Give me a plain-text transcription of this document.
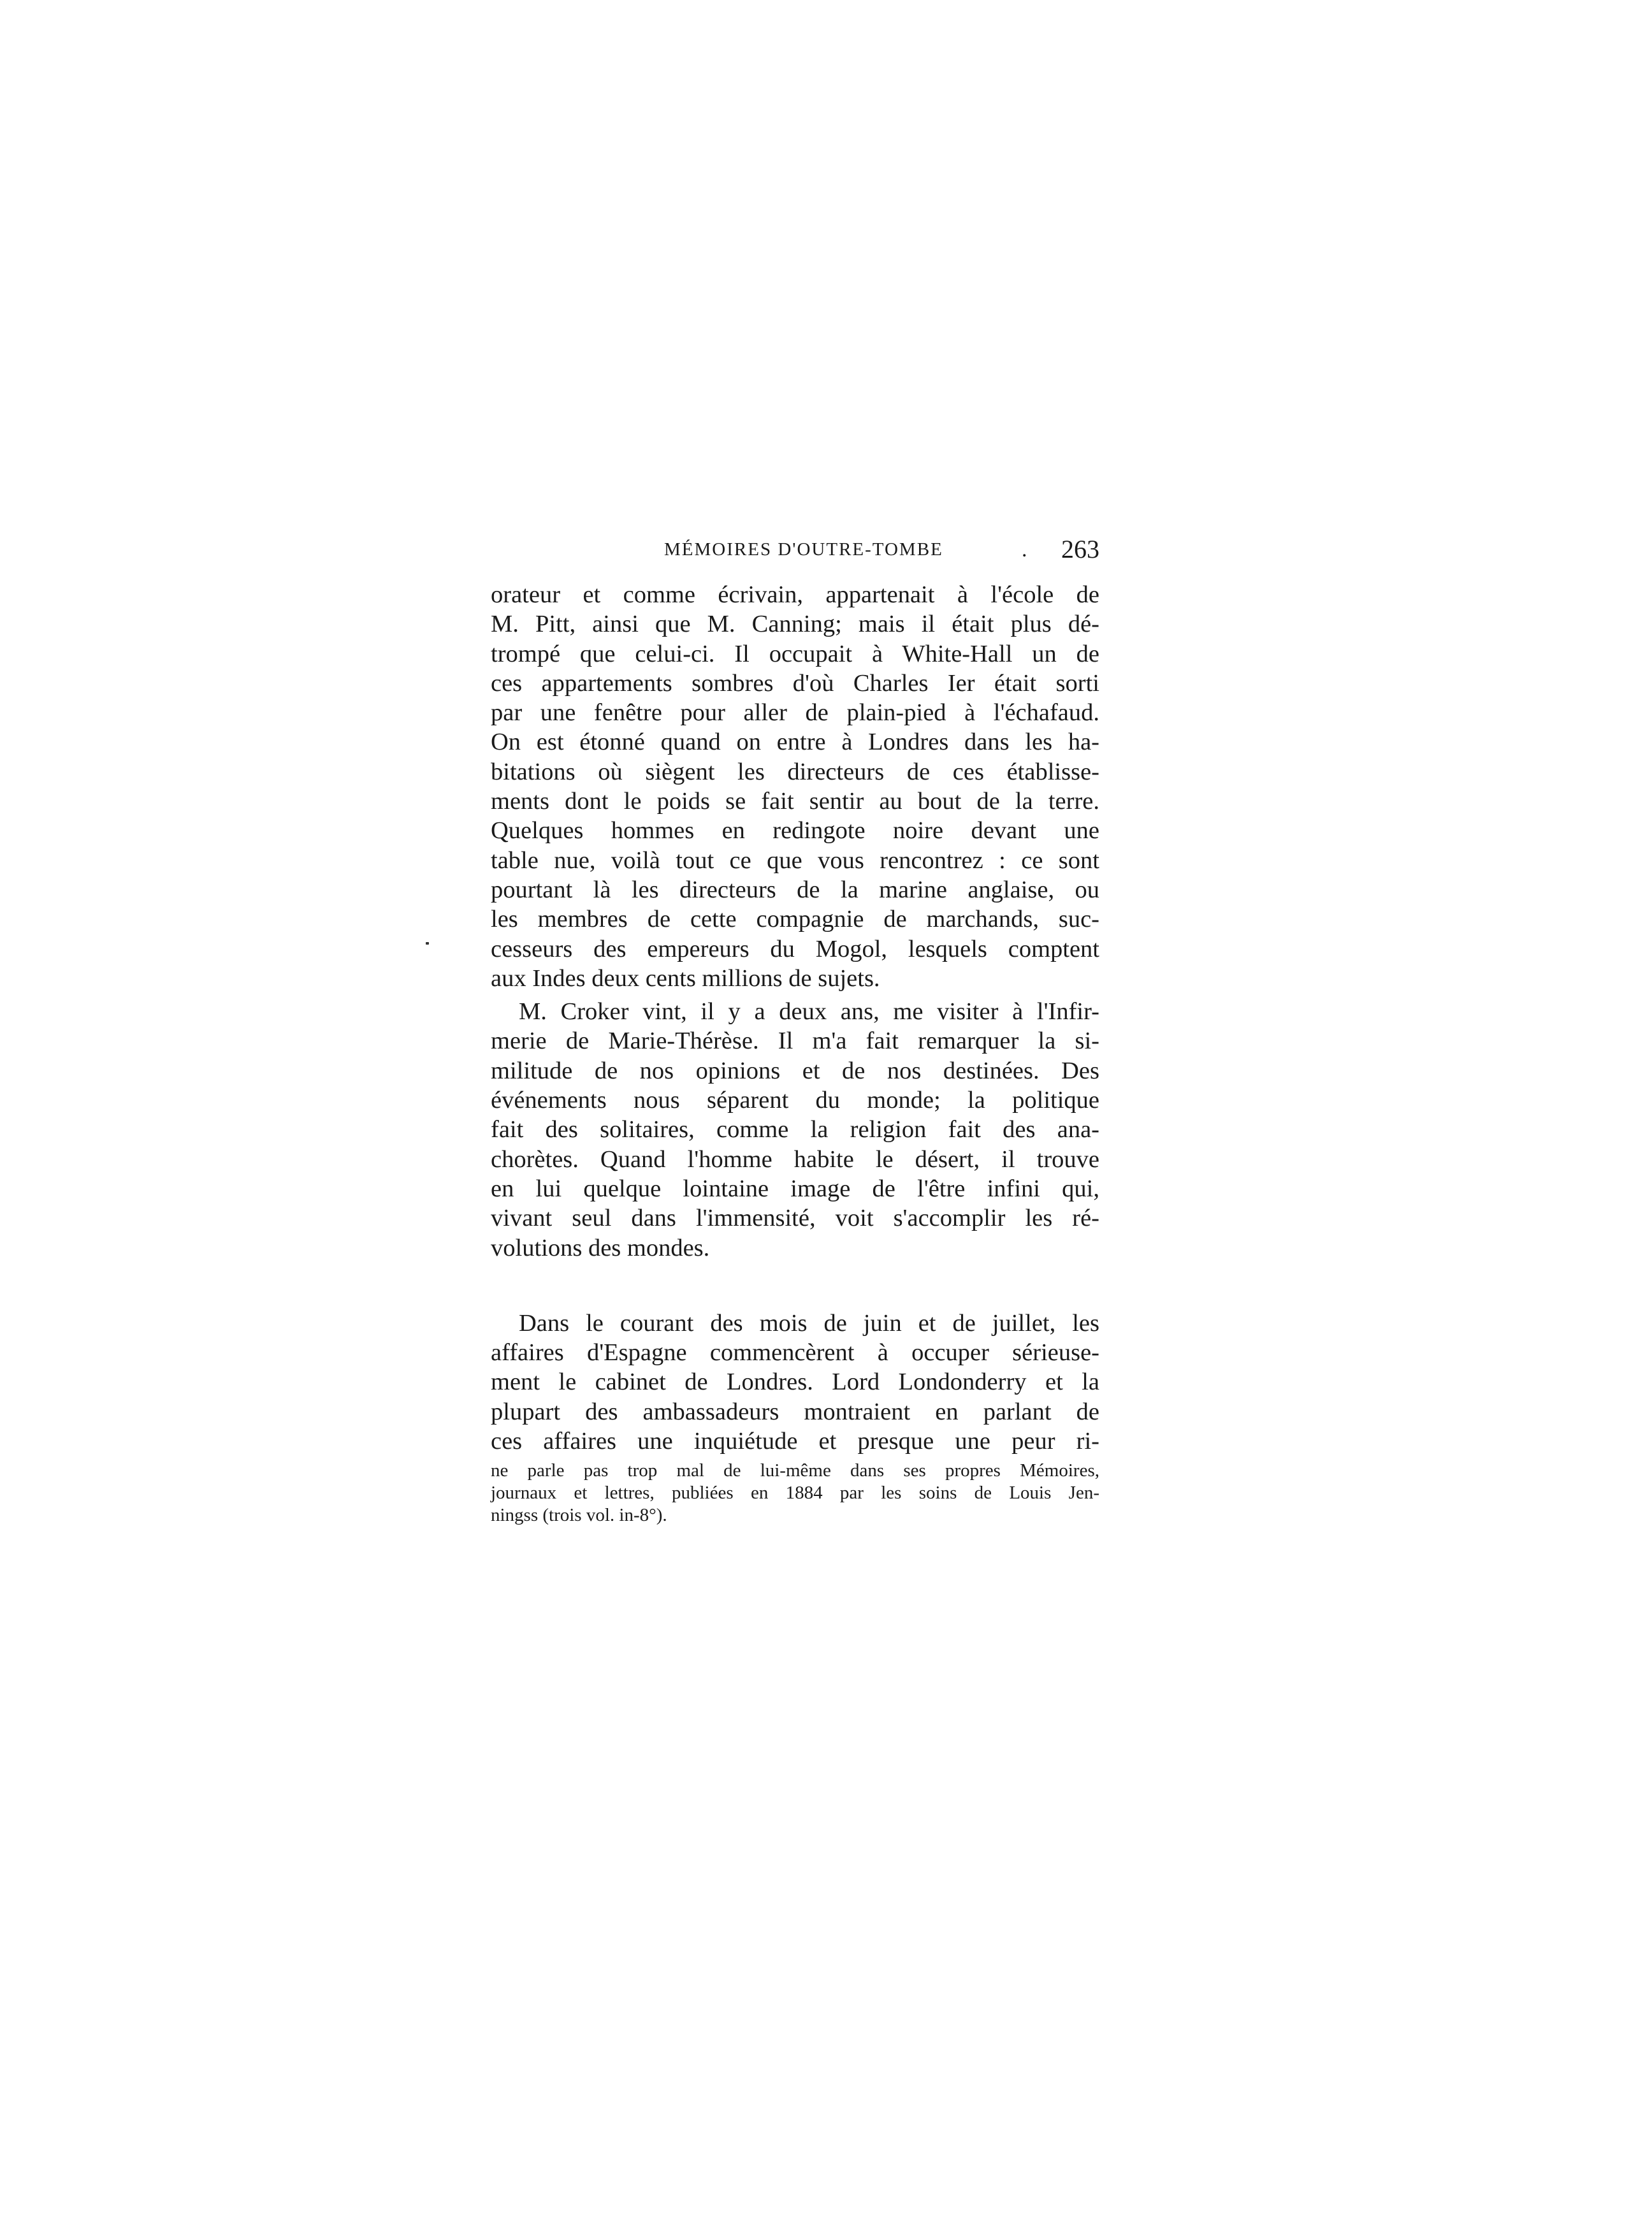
MÉMOIRES D'OUTRE-TOMBE	. 263
orateur et comme écrivain, appartenait à l'école de
M. Pitt, ainsi que M. Canning; mais il était plus dé-
trompé que celui-ci. Il occupait à White-Hall un de
ces appartements sombres d'où Charles Ier était sorti
par une fenêtre pour aller de plain-pied à l'échafaud.
On est étonné quand on entre à Londres dans les ha-
bitations où siègent les directeurs de ces établisse-
ments dont le poids se fait sentir au bout de la terre.
Quelques hommes en redingote noire devant une
table nue, voilà tout ce que vous rencontrez : ce sont
pourtant là les directeurs de la marine anglaise, ou
les membres de cette compagnie de marchands, suc-
cesseurs des empereurs du Mogol, lesquels comptent
aux Indes deux cents millions de sujets.
M. Croker vint, il y a deux ans, me visiter à l'Infir-
merie de Marie-Thérèse. Il m'a fait remarquer la si-
militude de nos opinions et de nos destinées. Des
événements nous séparent du monde; la politique
fait des solitaires, comme la religion fait des ana-
chorètes. Quand l'homme habite le désert, il trouve
en lui quelque lointaine image de l'être infini qui,
vivant seul dans l'immensité, voit s'accomplir les ré-
volutions des mondes.
Dans le courant des mois de juin et de juillet, les
affaires d'Espagne commencèrent à occuper sérieuse-
ment le cabinet de Londres. Lord Londonderry et la
plupart des ambassadeurs montraient en parlant de
ces affaires une inquiétude et presque une peur ri-
ne parle pas trop mal de lui-même dans ses propres Mémoires,
journaux et lettres, publiées en 1884 par les soins de Louis Jen-
ningss (trois vol. in-8°).
